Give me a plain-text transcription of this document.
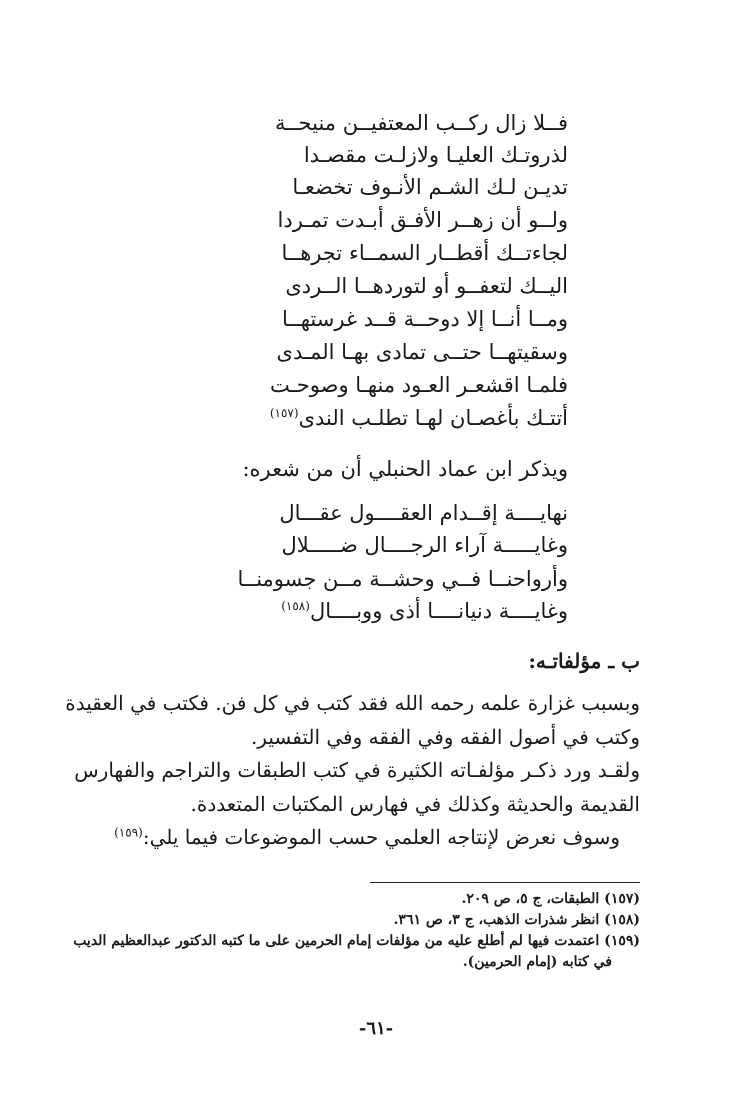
فــلا زال ركــب المعتفيــن منيحــة
لذروتـك العليـا ولازلـت مقصـدا
تديـن لـك الشـم الأنـوف تخضعـا
ولــو أن زهــر الأفـق أبـدت تمـردا
لجاءتــك أقطــار السمــاء تجرهــا
اليــك لتعفــو أو لتوردهــا الــردى
ومــا أنــا إلا دوحــة قــد غرستهــا
وسقيتهــا حتــى تمادى بهـا المـدى
فلمـا اقشعـر العـود منهـا وصوحـت
أتتـك بأغصـان لهـا تطلـب الندى$^{(١٥٧)}$
ويذكر ابن عماد الحنبلي أن من شعره:
نهايــــة إقــدام العقــــول عقـــال
وغايـــــة آراء الرجــــال ضـــــلال
وأرواحنــا فــي وحشــة مــن جسومنــا
وغايــــة دنيانــــا أذى ووبــــال$^{(١٥٨)}$
ب ـ مؤلفاتـه:
وبسبب غزارة علمه رحمه الله فقد كتب في كل فن. فكتب في العقيدة
وكتب في أصول الفقه وفي الفقه وفي التفسير.
ولقـد ورد ذكـر مؤلفـاته الكثيرة في كتب الطبقات والتراجم والفهارس
القديمة والحديثة وكذلك في فهارس المكتبات المتعددة.
وسوف نعرض لإنتاجه العلمي حسب الموضوعات فيما يلي:$^{(١٥٩)}$
(١٥٧) الطبقات، ج ٥، ص ٢٠٩.
(١٥٨) انظر شذرات الذهب، ج ٣، ص ٣٦١.
(١٥٩) اعتمدت فيها لم أطلع عليه من مؤلفات إمام الحرمين على ما كتبه الدكتور عبدالعظيم الديب
في كتابه (إمام الحرمين).
-٦١-
